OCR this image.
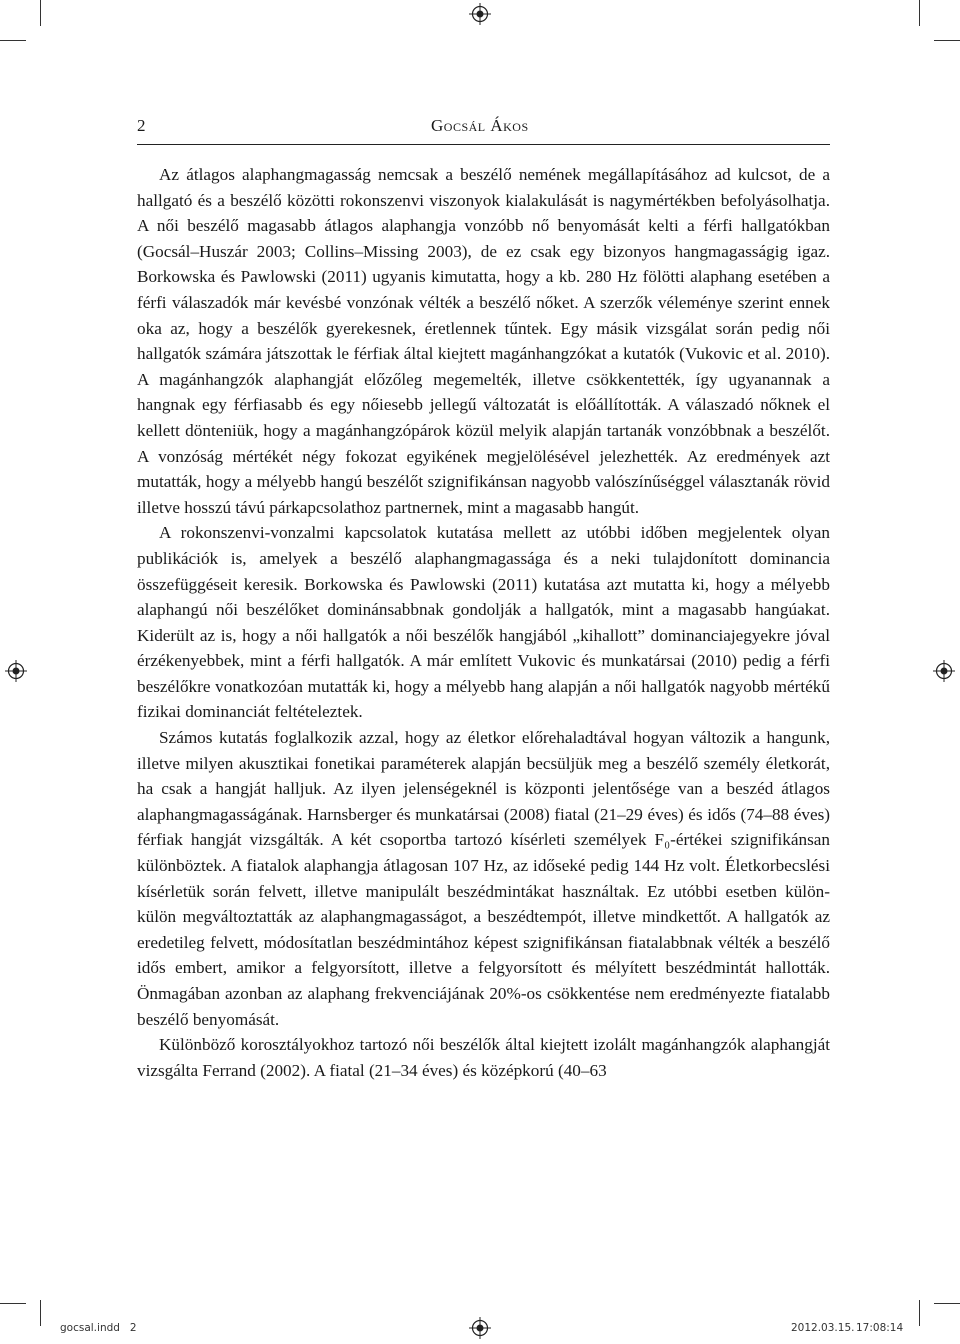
2	Gocsál Ákos

Az átlagos alaphangmagasság nemcsak a beszélő nemének megállapításához ad kulcsot, de a hallgató és a beszélő közötti rokonszenvi viszonyok kialakulását is nagymértékben befolyásolhatja. A női beszélő magasabb átlagos alaphangja vonzóbb nő benyomását kelti a férfi hallgatókban (Gocsál–Huszár 2003; Collins–Missing 2003), de ez csak egy bizonyos hangmagasságig igaz. Borkowska és Pawlowski (2011) ugyanis kimutatta, hogy a kb. 280 Hz fölötti alaphang esetében a férfi válaszadók már kevésbé vonzónak vélték a beszélő nőket. A szerzők véleménye szerint ennek oka az, hogy a beszélők gyerekesnek, éretlennek tűntek. Egy másik vizsgálat során pedig női hallgatók számára játszottak le férfiak által kiejtett magánhangzókat a kutatók (Vukovic et al. 2010). A magánhangzók alaphangját előzőleg megemelték, illetve csökkentették, így ugyanannak a hangnak egy férfiasabb és egy nőiesebb jellegű változatát is előállították. A válaszadó nőknek el kellett dönteniük, hogy a magánhangzópárok közül melyik alapján tartanák vonzóbbnak a beszélőt. A vonzóság mértékét négy fokozat egyikének megjelölésével jelezhették. Az eredmények azt mutatták, hogy a mélyebb hangú beszélőt szignifikánsan nagyobb valószínűséggel választanák rövid illetve hosszú távú párkapcsolathoz partnernek, mint a magasabb hangút.

A rokonszenvi-vonzalmi kapcsolatok kutatása mellett az utóbbi időben megjelentek olyan publikációk is, amelyek a beszélő alaphangmagassága és a neki tulajdonított dominancia összefüggéseit keresik. Borkowska és Pawlowski (2011) kutatása azt mutatta ki, hogy a mélyebb alaphangú női beszélőket dominánsabbnak gondolják a hallgatók, mint a magasabb hangúakat. Kiderült az is, hogy a női hallgatók a női beszélők hangjából „kihallott” dominanciajegyekre jóval érzékenyebbek, mint a férfi hallgatók. A már említett Vukovic és munkatársai (2010) pedig a férfi beszélőkre vonatkozóan mutatták ki, hogy a mélyebb hang alapján a női hallgatók nagyobb mértékű fizikai dominanciát feltételeztek.

Számos kutatás foglalkozik azzal, hogy az életkor előrehaladtával hogyan változik a hangunk, illetve milyen akusztikai fonetikai paraméterek alapján becsüljük meg a beszélő személy életkorát, ha csak a hangját halljuk. Az ilyen jelenségeknél is központi jelentősége van a beszéd átlagos alaphangmagasságának. Harnsberger és munkatársai (2008) fiatal (21–29 éves) és idős (74–88 éves) férfiak hangját vizsgálták. A két csoportba tartozó kísérleti személyek F₀-értékei szignifikánsan különböztek. A fiatalok alaphangja átlagosan 107 Hz, az időseké pedig 144 Hz volt. Életkorbecslési kísérletük során felvett, illetve manipulált beszédmintákat használtak. Ez utóbbi esetben külön-külön megváltoztatták az alaphangmagasságot, a beszédtempót, illetve mindkettőt. A hallgatók az eredetileg felvett, módosítatlan beszédmintához képest szignifikánsan fiatalabbnak vélték a beszélő idős embert, amikor a felgyorsított, illetve a felgyorsított és mélyített beszédmintát hallották. Önmagában azonban az alaphang frekvenciájának 20%-os csökkentése nem eredményezte fiatalabb beszélő benyomását.

Különböző korosztályokhoz tartozó női beszélők által kiejtett izolált magánhangzók alaphangját vizsgálta Ferrand (2002). A fiatal (21–34 éves) és középkorú (40–63

gocsal.indd   2	2012.03.15. 17:08:14
